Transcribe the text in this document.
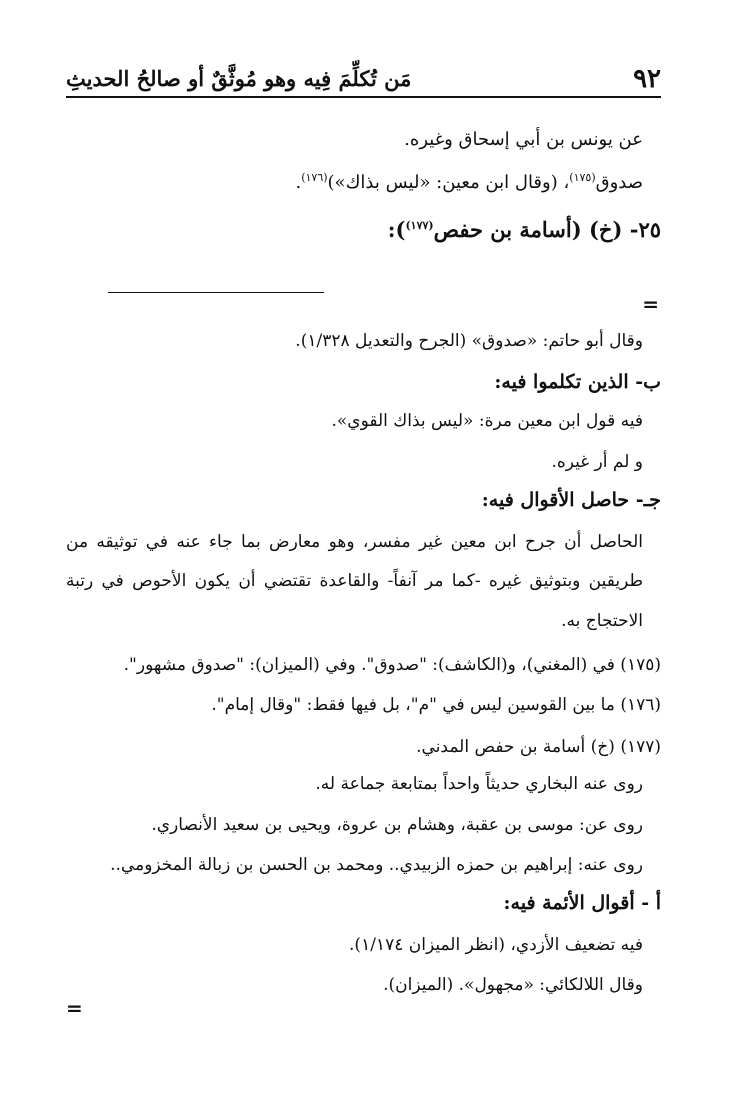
٩٢
مَن تُكلِّمَ فِيه وهو مُوثَّقٌ أو صالحُ الحديثِ
عن يونس بن أبي إسحاق وغيره.
صدوق$^{(١٧٥)}$، (وقال ابن معين: «ليس بذاك»)$^{(١٧٦)}$.
٢٥- (خ) (أسامة بن حفص$^{(١٧٧)}$):
=
وقال أبو حاتم: «صدوق» (الجرح والتعديل ١/٣٢٨).
ب- الذين تكلموا فيه:
فيه قول ابن معين مرة: «ليس بذاك القوي».
و لم أر غيره.
جـ- حاصل الأقوال فيه:
الحاصل أن جرح ابن معين غير مفسر، وهو معارض بما جاء عنه في توثيقه من
طريقين وبتوثيق غيره -كما مر آنفاً- والقاعدة تقتضي أن يكون الأحوص في رتبة
الاحتجاج به.
(١٧٥) في (المغني)، و(الكاشف): "صدوق". وفي (الميزان): "صدوق مشهور".
(١٧٦) ما بين القوسين ليس في "م"، بل فيها فقط: "وقال إمام".
(١٧٧) (خ) أسامة بن حفص المدني.
روى عنه البخاري حديثاً واحداً بمتابعة جماعة له.
روى عن: موسى بن عقبة، وهشام بن عروة، ويحيى بن سعيد الأنصاري.
روى عنه: إبراهيم بن حمزه الزبيدي.. ومحمد بن الحسن بن زبالة المخزومي..
أ - أقوال الأئمة فيه:
فيه تضعيف الأزدي، (انظر الميزان ١/١٧٤).
وقال اللالكائي: «مجهول». (الميزان).
=
